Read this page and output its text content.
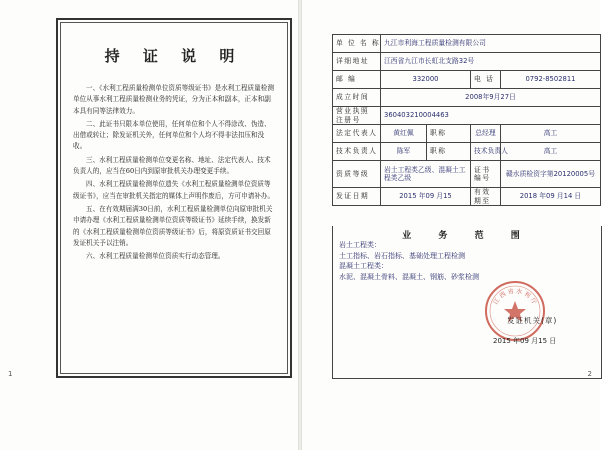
持 证 说 明

一、《水利工程质量检测单位资质等级证书》是水利工程质量检测单位从事水利工程质量检测业务的凭证，分为正本和副本，正本和副本具有同等法律效力。

二、此证书只限本单位使用，任何单位和个人不得涂改、伪造、出借或转让；除发证机关外，任何单位和个人均不得非法扣压和没收。

三、水利工程质量检测单位变更名称、地址、法定代表人、技术负责人的，应当在60日内到原审批机关办理变更手续。

四、水利工程质量检测单位遗失《水利工程质量检测单位资质等级证书》，应当在审批机关指定的媒体上声明作废后，方可申请补办。

五、在有效期届满30日前，水利工程质量检测单位向原审批机关申请办理《水利工程质量检测单位资质等级证书》延续手续，换发新的《水利工程质量检测单位资质等级证书》后，将原资质证书交回原发证机关予以注销。

六、水利工程质量检测单位资质实行动态管理。

1
单 位 名 称	九江市利海工程质量检测有限公司			
详细地址	江西省九江市长虹北支路32号			
邮 编	332000		电 话	0792-8502811
成立时间	2008年9月27日			
营业执照注册号	360403210004463			
法定代表人	黄红佩	职称	总经理	高工
技术负责人	陈军	职称	技术负责人	高工
资质等级	岩土工程类乙级、混凝土工程类乙级		证书编号	赣水质检资字第20120005号
发证日期	2015 年09 月15		有效期至	2018 年09 月14 日
业 务 范 围
岩土工程类：
土工指标、岩石指标、基础处理工程检测
混凝土工程类：
水泥、混凝土骨料、混凝土、钢筋、砂浆检测
江 西 省 水 利 厅
发证机关(章)
2015 年09 月15 日
2
